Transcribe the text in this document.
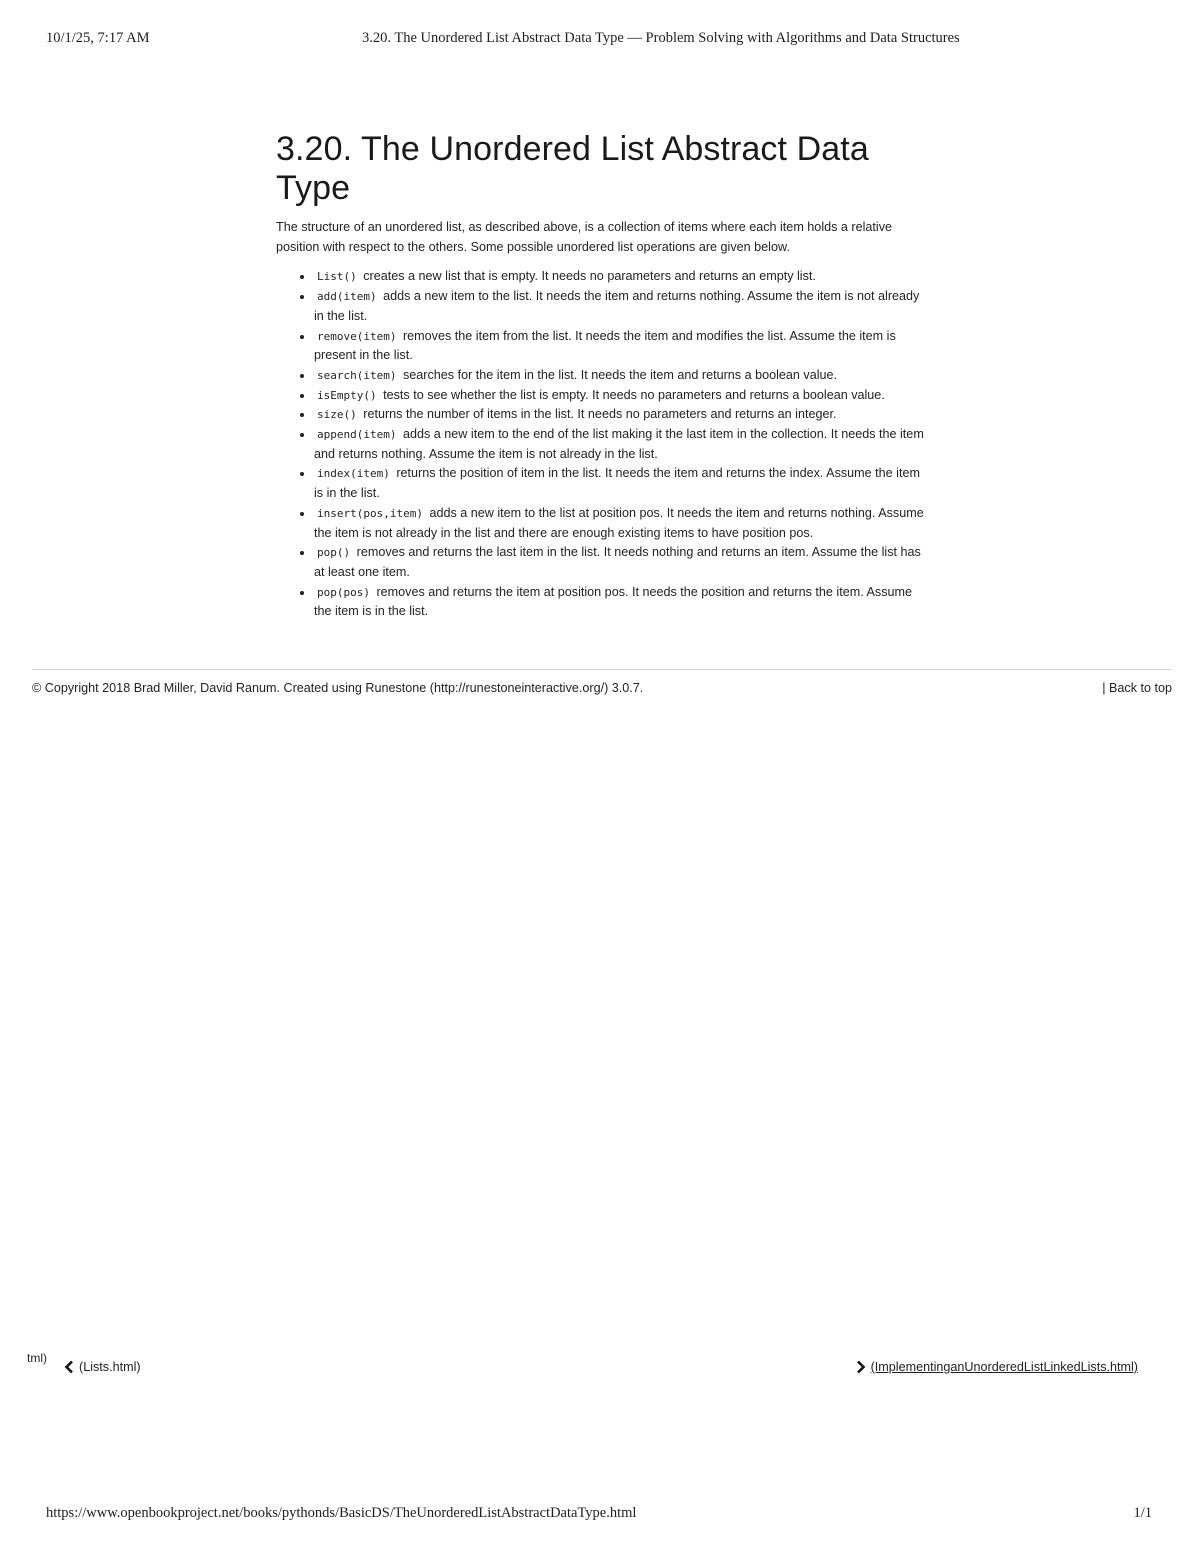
10/1/25, 7:17 AM	3.20. The Unordered List Abstract Data Type — Problem Solving with Algorithms and Data Structures
3.20. The Unordered List Abstract Data Type

The structure of an unordered list, as described above, is a collection of items where each item holds a relative position with respect to the others. Some possible unordered list operations are given below.

• List() creates a new list that is empty. It needs no parameters and returns an empty list.
• add(item) adds a new item to the list. It needs the item and returns nothing. Assume the item is not already in the list.
• remove(item) removes the item from the list. It needs the item and modifies the list. Assume the item is present in the list.
• search(item) searches for the item in the list. It needs the item and returns a boolean value.
• isEmpty() tests to see whether the list is empty. It needs no parameters and returns a boolean value.
• size() returns the number of items in the list. It needs no parameters and returns an integer.
• append(item) adds a new item to the end of the list making it the last item in the collection. It needs the item and returns nothing. Assume the item is not already in the list.
• index(item) returns the position of item in the list. It needs the item and returns the index. Assume the item is in the list.
• insert(pos,item) adds a new item to the list at position pos. It needs the item and returns nothing. Assume the item is not already in the list and there are enough existing items to have position pos.
• pop() removes and returns the last item in the list. It needs nothing and returns an item. Assume the list has at least one item.
• pop(pos) removes and returns the item at position pos. It needs the position and returns the item. Assume the item is in the list.
© Copyright 2018 Brad Miller, David Ranum. Created using Runestone (http://runestoneinteractive.org/) 3.0.7.	| Back to top
tml)
(Lists.html)	(ImplementinganUnorderedListLinkedLists.html)
https://www.openbookproject.net/books/pythonds/BasicDS/TheUnorderedListAbstractDataType.html	1/1
